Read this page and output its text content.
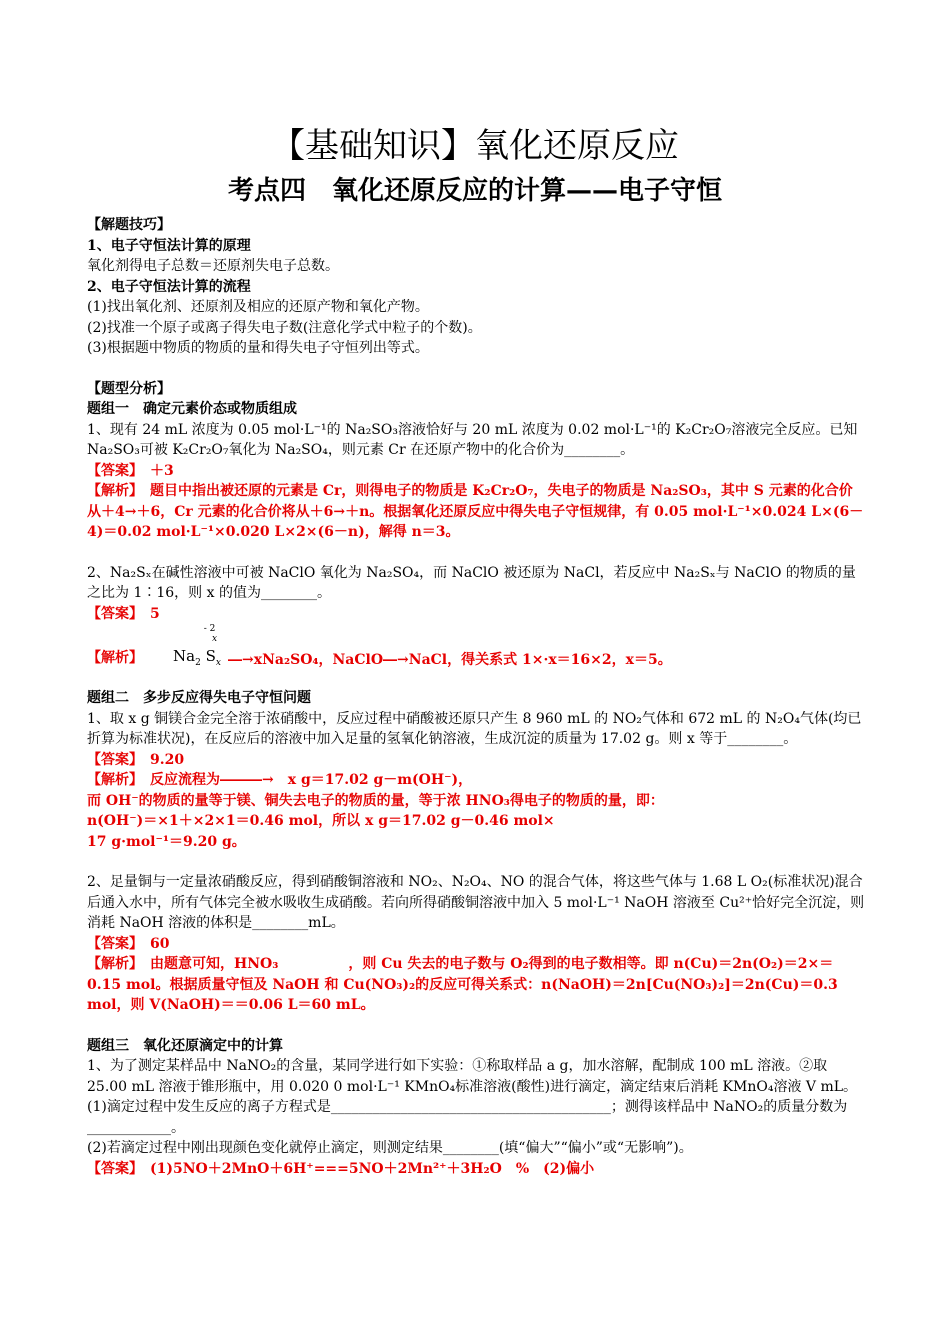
【基础知识】氧化还原反应
考点四　氧化还原反应的计算——电子守恒

【解题技巧】

1、电子守恒法计算的原理

氧化剂得电子总数＝还原剂失电子总数。

2、电子守恒法计算的流程

(1)找出氧化剂、还原剂及相应的还原产物和氧化产物。

(2)找准一个原子或离子得失电子数(注意化学式中粒子的个数)。

(3)根据题中物质的物质的量和得失电子守恒列出等式。

【题型分析】

题组一　确定元素价态或物质组成

1、现有 24 mL 浓度为 0.05 mol·L⁻¹的 Na₂SO₃溶液恰好与 20 mL 浓度为 0.02 mol·L⁻¹的 K₂Cr₂O₇溶液完全反应。已知 Na₂SO₃可被 K₂Cr₂O₇氧化为 Na₂SO₄，则元素 Cr 在还原产物中的化合价为________。

【答案】　＋3

【解析】　题目中指出被还原的元素是 Cr，则得电子的物质是 K₂Cr₂O₇，失电子的物质是 Na₂SO₃，其中 S 元素的化合价从＋4→＋6，Cr 元素的化合价将从＋6→＋n。根据氧化还原反应中得失电子守恒规律，有 0.05 mol·L⁻¹×0.024 L×(6－4)＝0.02 mol·L⁻¹×0.020 L×2×(6－n)，解得 n＝3。

2、Na₂Sₓ在碱性溶液中可被 NaClO 氧化为 Na₂SO₄，而 NaClO 被还原为 NaCl，若反应中 Na₂Sₓ与 NaClO 的物质的量之比为 1∶16，则 x 的值为________。

【答案】　5

【解析】 $Na_2$ $S_x$
- 2
x
―→xNa₂SO₄，NaClO―→NaCl，得关系式 1×·x＝16×2，x＝5。

题组二　多步反应得失电子守恒问题

1、取 x g 铜镁合金完全溶于浓硝酸中，反应过程中硝酸被还原只产生 8 960 mL 的 NO₂气体和 672 mL 的 N₂O₄气体(均已折算为标准状况)，在反应后的溶液中加入足量的氢氧化钠溶液，生成沉淀的质量为 17.02 g。则 x 等于________。

【答案】　9.20

【解析】　反应流程为―――→　x g＝17.02 g－m(OH⁻)，

而 OH⁻的物质的量等于镁、铜失去电子的物质的量，等于浓 HNO₃得电子的物质的量，即：

n(OH⁻)＝×1＋×2×1＝0.46 mol，所以 x g＝17.02 g－0.46 mol×

17 g·mol⁻¹＝9.20 g。

2、足量铜与一定量浓硝酸反应，得到硝酸铜溶液和 NO₂、N₂O₄、NO 的混合气体，将这些气体与 1.68 L O₂(标准状况)混合后通入水中，所有气体完全被水吸收生成硝酸。若向所得硝酸铜溶液中加入 5 mol·L⁻¹ NaOH 溶液至 Cu²⁺恰好完全沉淀，则消耗 NaOH 溶液的体积是________mL。

【答案】　60

【解析】　由题意可知，HNO₃　　　　　，则 Cu 失去的电子数与 O₂得到的电子数相等。即 n(Cu)＝2n(O₂)＝2×＝0.15 mol。根据质量守恒及 NaOH 和 Cu(NO₃)₂的反应可得关系式：n(NaOH)＝2n[Cu(NO₃)₂]＝2n(Cu)＝0.3 mol，则 V(NaOH)＝＝0.06 L＝60 mL。

题组三　氧化还原滴定中的计算

1、为了测定某样品中 NaNO₂的含量，某同学进行如下实验：①称取样品 a g，加水溶解，配制成 100 mL 溶液。②取 25.00 mL 溶液于锥形瓶中，用 0.020 0 mol·L⁻¹ KMnO₄标准溶液(酸性)进行滴定，滴定结束后消耗 KMnO₄溶液 V mL。

(1)滴定过程中发生反应的离子方程式是________________________________________；测得该样品中 NaNO₂的质量分数为____________。

(2)若滴定过程中刚出现颜色变化就停止滴定，则测定结果________(填“偏大”“偏小”或“无影响”)。

【答案】　(1)5NO＋2MnO＋6H⁺===5NO＋2Mn²⁺＋3H₂O　%　(2)偏小
